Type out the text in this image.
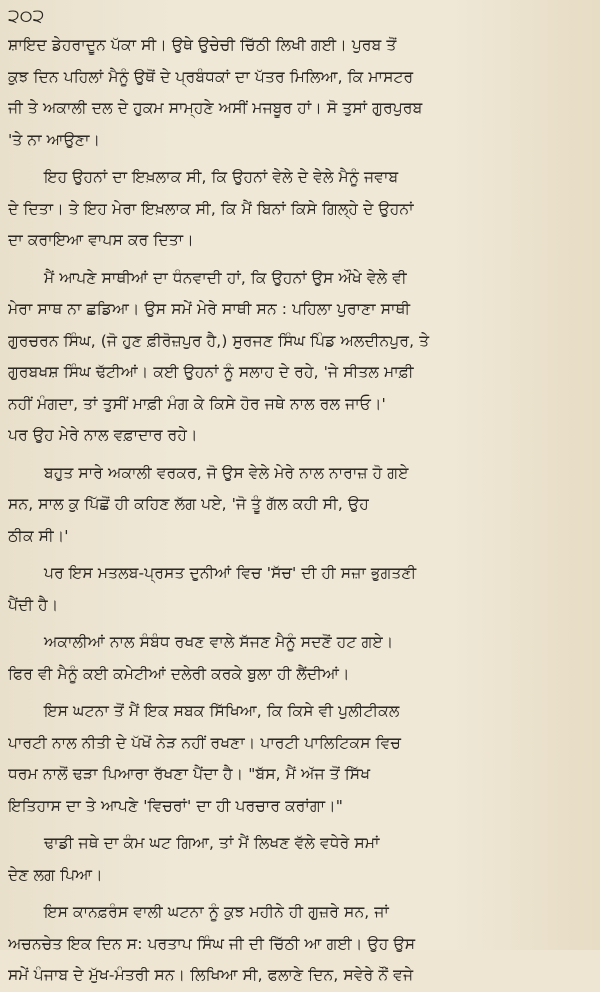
੨੦੨
ਸ਼ਾਇਦ ਡੇਹਰਾਦੂਨ ਪੱਕਾ ਸੀ। ਉਥੇ ਉਚੇਚੀ ਚਿੱਠੀ ਲਿਖੀ ਗਈ। ਪੁਰਬ ਤੋਂ
ਕੁਝ ਦਿਨ ਪਹਿਲਾਂ ਮੈਨੂੰ ਉਥੋਂ ਦੇ ਪ੍ਰਬੰਧਕਾਂ ਦਾ ਪੱਤਰ ਮਿਲਿਆ, ਕਿ ਮਾਸਟਰ
ਜੀ ਤੇ ਅਕਾਲੀ ਦਲ ਦੇ ਹੁਕਮ ਸਾਮ੍ਹਣੇ ਅਸੀਂ ਮਜਬੂਰ ਹਾਂ। ਸੋ ਤੁਸਾਂ ਗੁਰਪੁਰਬ
'ਤੇ ਨਾ ਆਉਣਾ।
ਇਹ ਉਹਨਾਂ ਦਾ ਇਖ਼ਲਾਕ ਸੀ, ਕਿ ਉਹਨਾਂ ਵੇਲੇ ਦੇ ਵੇਲੇ ਮੈਨੂੰ ਜਵਾਬ
ਦੇ ਦਿਤਾ। ਤੇ ਇਹ ਮੇਰਾ ਇਖ਼ਲਾਕ ਸੀ, ਕਿ ਮੈਂ ਬਿਨਾਂ ਕਿਸੇ ਗਿਲ੍ਹੇ ਦੇ ਉਹਨਾਂ
ਦਾ ਕਰਾਇਆ ਵਾਪਸ ਕਰ ਦਿਤਾ।
ਮੈਂ ਆਪਣੇ ਸਾਥੀਆਂ ਦਾ ਧੰਨਵਾਦੀ ਹਾਂ, ਕਿ ਉਹਨਾਂ ਉਸ ਔਖੇ ਵੇਲੇ ਵੀ
ਮੇਰਾ ਸਾਥ ਨਾ ਛਡਿਆ। ਉਸ ਸਮੇਂ ਮੇਰੇ ਸਾਥੀ ਸਨ : ਪਹਿਲਾ ਪੁਰਾਣਾ ਸਾਥੀ
ਗੁਰਚਰਨ ਸਿੰਘ, (ਜੋ ਹੁਣ ਫ਼ੀਰੋਜ਼ਪੁਰ ਹੈ,) ਸੁਰਜਣ ਸਿੰਘ ਪਿੰਡ ਅਲਦੀਨਪੁਰ, ਤੇ
ਗੁਰਬਖਸ਼ ਸਿੰਘ ਢੱਟੀਆਂ। ਕਈ ਉਹਨਾਂ ਨੂੰ ਸਲਾਹ ਦੇ ਰਹੇ, 'ਜੇ ਸੀਤਲ ਮਾਫ਼ੀ
ਨਹੀਂ ਮੰਗਦਾ, ਤਾਂ ਤੁਸੀਂ ਮਾਫ਼ੀ ਮੰਗ ਕੇ ਕਿਸੇ ਹੋਰ ਜਥੇ ਨਾਲ ਰਲ ਜਾਓ।'
ਪਰ ਉਹ ਮੇਰੇ ਨਾਲ ਵਫ਼ਾਦਾਰ ਰਹੇ।
ਬਹੁਤ ਸਾਰੇ ਅਕਾਲੀ ਵਰਕਰ, ਜੋ ਉਸ ਵੇਲੇ ਮੇਰੇ ਨਾਲ ਨਾਰਾਜ਼ ਹੋ ਗਏ
ਸਨ, ਸਾਲ ਕੁ ਪਿੱਛੋਂ ਹੀ ਕਹਿਣ ਲੱਗ ਪਏ, 'ਜੋ ਤੂੰ ਗੱਲ ਕਹੀ ਸੀ, ਉਹ
ਠੀਕ ਸੀ।'
ਪਰ ਇਸ ਮਤਲਬ-ਪ੍ਰਸਤ ਦੁਨੀਆਂ ਵਿਚ 'ਸੱਚ' ਦੀ ਹੀ ਸਜ਼ਾ ਭੁਗਤਣੀ
ਪੈਂਦੀ ਹੈ।
ਅਕਾਲੀਆਂ ਨਾਲ ਸੰਬੰਧ ਰਖਣ ਵਾਲੇ ਸੱਜਣ ਮੈਨੂੰ ਸਦਣੋਂ ਹਟ ਗਏ।
ਫਿਰ ਵੀ ਮੈਨੂੰ ਕਈ ਕਮੇਟੀਆਂ ਦਲੇਰੀ ਕਰਕੇ ਬੁਲਾ ਹੀ ਲੈਂਦੀਆਂ।
ਇਸ ਘਟਨਾ ਤੋਂ ਮੈਂ ਇਕ ਸਬਕ ਸਿੱਖਿਆ, ਕਿ ਕਿਸੇ ਵੀ ਪੁਲੀਟੀਕਲ
ਪਾਰਟੀ ਨਾਲ ਨੀਤੀ ਦੇ ਪੱਖੋਂ ਨੇੜ ਨਹੀਂ ਰਖਣਾ। ਪਾਰਟੀ ਪਾਲਿਟਿਕਸ ਵਿਚ
ਧਰਮ ਨਾਲੋਂ ਢੜਾ ਪਿਆਰਾ ਰੱਖਣਾ ਪੈਂਦਾ ਹੈ। "ਬੱਸ, ਮੈਂ ਅੱਜ ਤੋਂ ਸਿੱਖ
ਇਤਿਹਾਸ ਦਾ ਤੇ ਆਪਣੇ 'ਵਿਚਰਾਂ' ਦਾ ਹੀ ਪਰਚਾਰ ਕਰਾਂਗਾ।"
ਢਾਡੀ ਜਥੇ ਦਾ ਕੰਮ ਘਟ ਗਿਆ, ਤਾਂ ਮੈਂ ਲਿਖਣ ਵੱਲੇ ਵਧੇਰੇ ਸਮਾਂ
ਦੇਣ ਲਗ ਪਿਆ।
ਇਸ ਕਾਨਫ਼ਰੰਸ ਵਾਲੀ ਘਟਨਾ ਨੂੰ ਕੁਝ ਮਹੀਨੇ ਹੀ ਗੁਜ਼ਰੇ ਸਨ, ਜਾਂ
ਅਚਨਚੇਤ ਇਕ ਦਿਨ ਸ: ਪਰਤਾਪ ਸਿੰਘ ਜੀ ਦੀ ਚਿੱਠੀ ਆ ਗਈ। ਉਹ ਉਸ
ਸਮੇਂ ਪੰਜਾਬ ਦੇ ਮੁੱਖ-ਮੰਤਰੀ ਸਨ। ਲਿਖਿਆ ਸੀ, ਫਲਾਣੇ ਦਿਨ, ਸਵੇਰੇ ਨੌਂ ਵਜੇ
